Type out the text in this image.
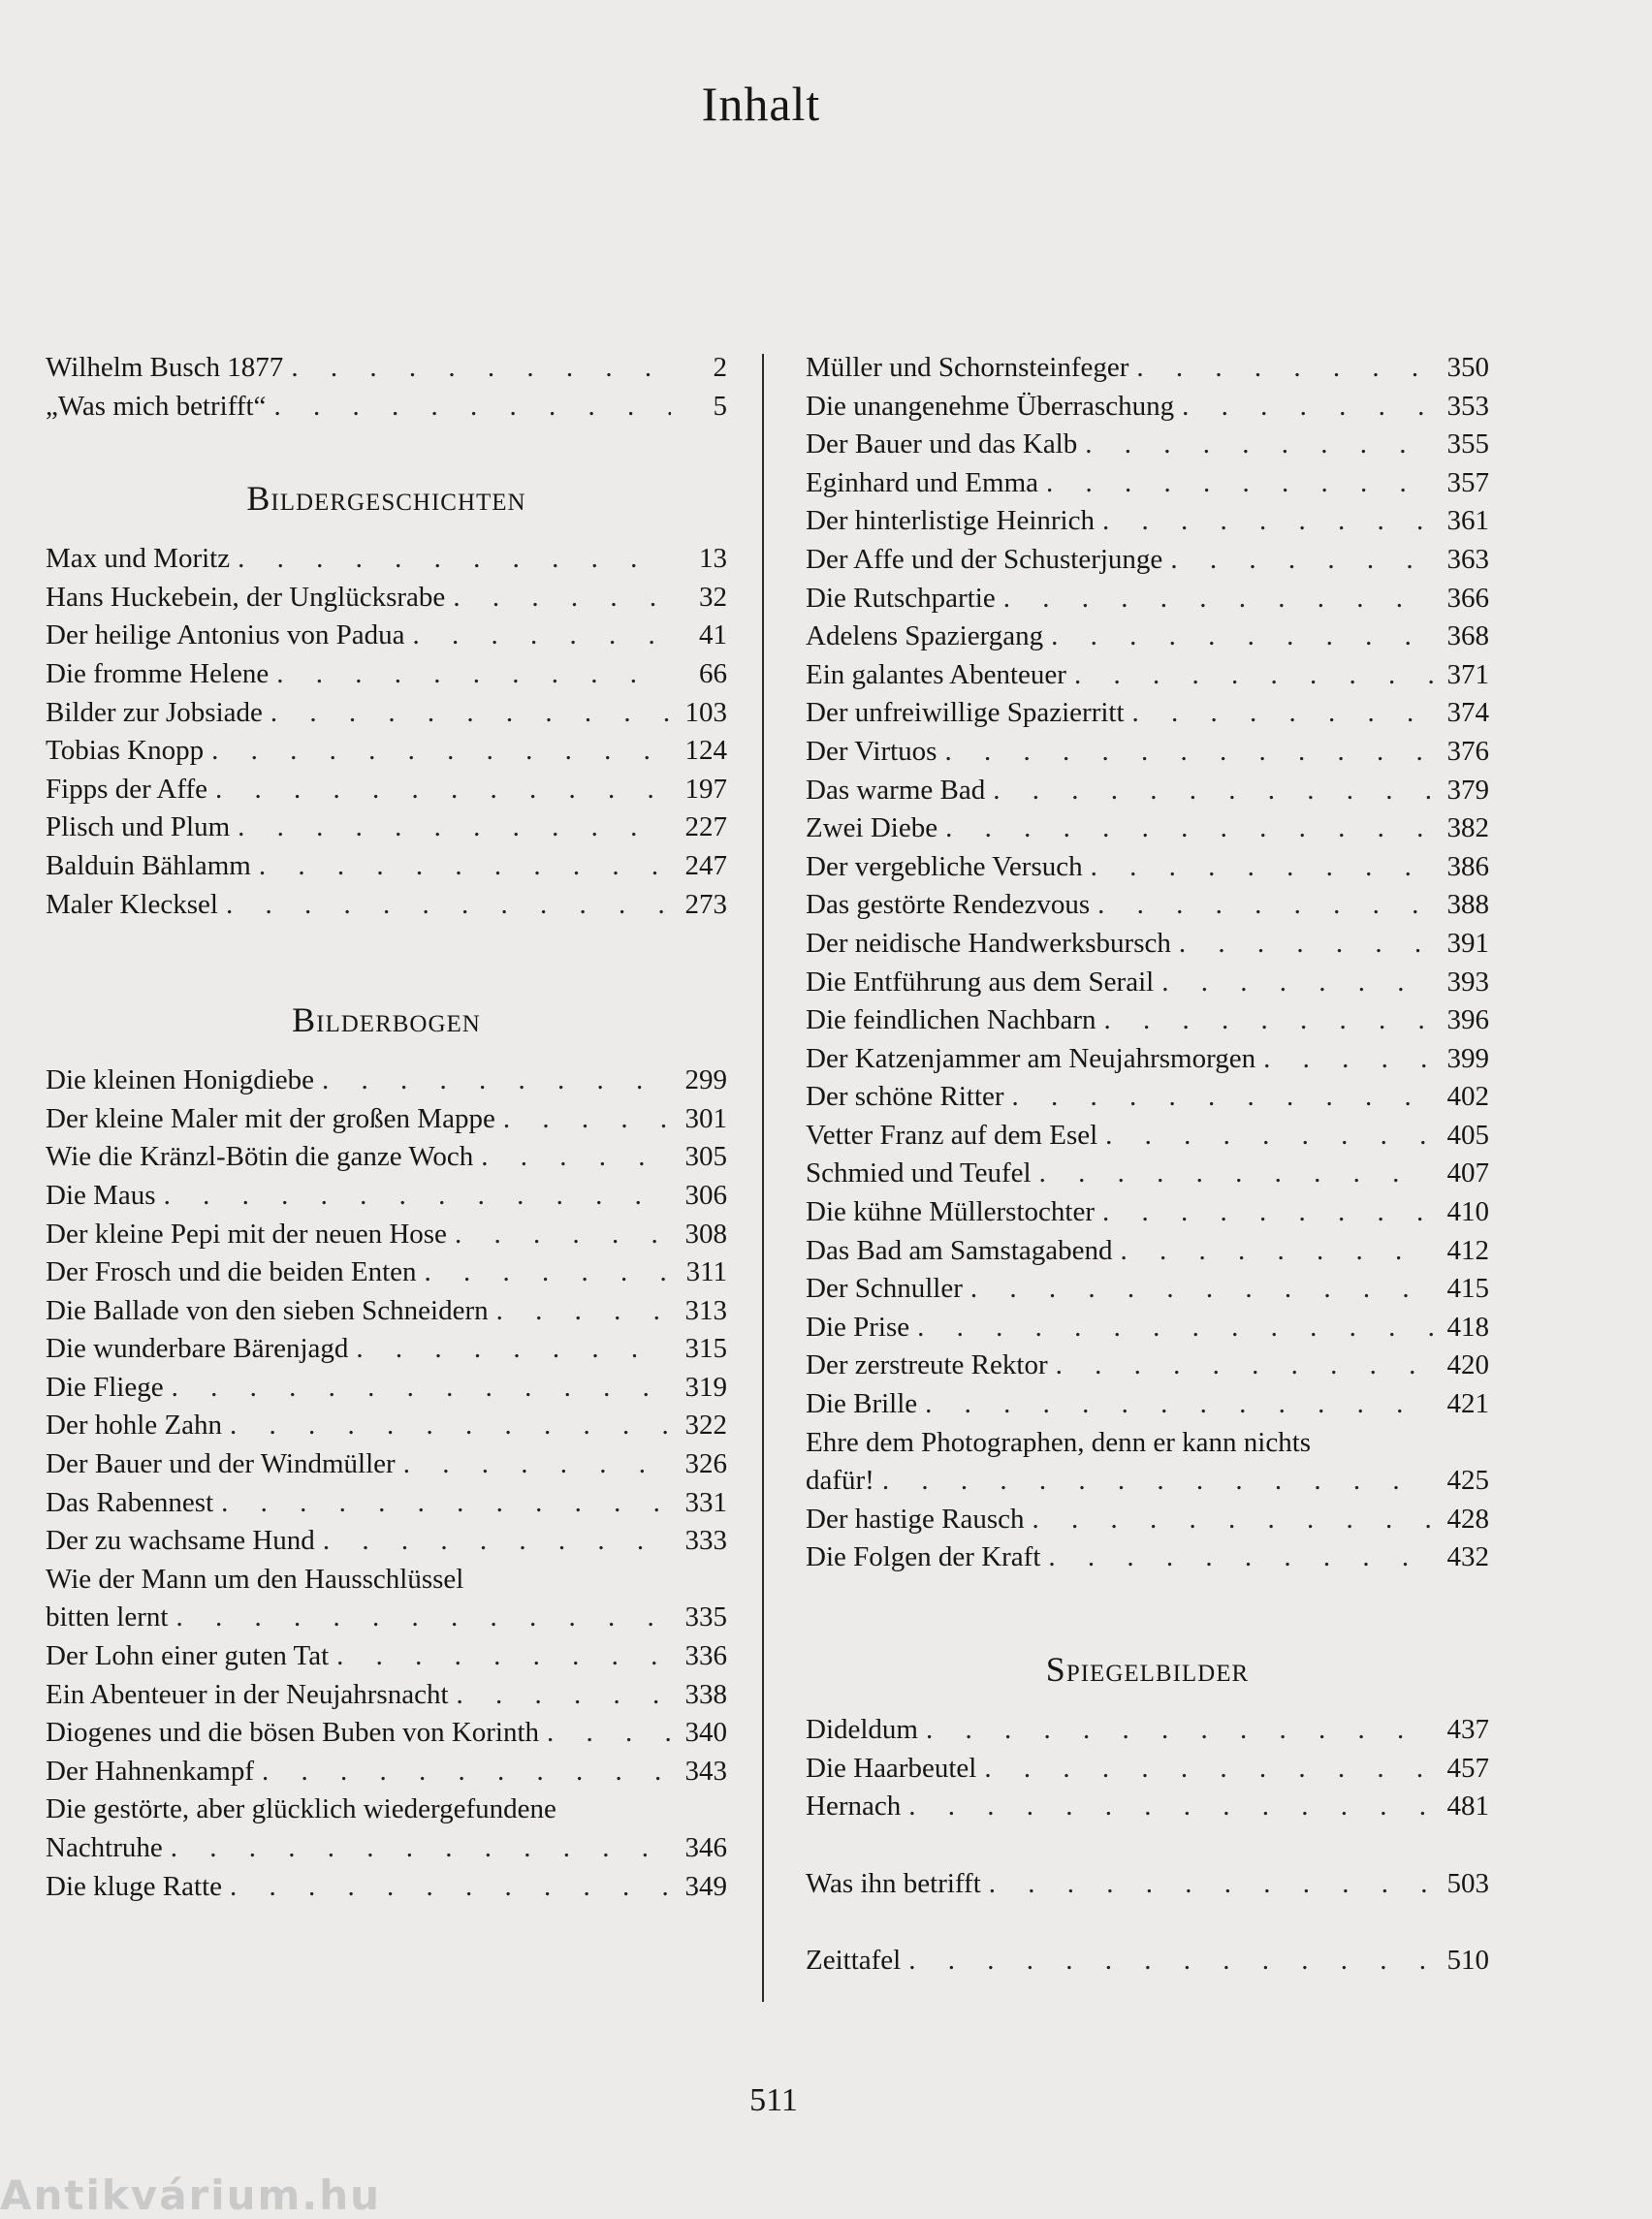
Inhalt
Wilhelm Busch 1877 . . .	2
„Was mich betrifft“ . . .	5
Bildergeschichten
Max und Moritz . . .	13
Hans Huckebein, der Unglücksrabe . . .	32
Der heilige Antonius von Padua . . .	41
Die fromme Helene . . .	66
Bilder zur Jobsiade . . .	103
Tobias Knopp . . .	124
Fipps der Affe . . .	197
Plisch und Plum . . .	227
Balduin Bählamm . . .	247
Maler Klecksel . . .	273
Bilderbogen
Die kleinen Honigdiebe . . .	299
Der kleine Maler mit der großen Mappe . . .	301
Wie die Kränzl-Bötin die ganze Woch . . .	305
Die Maus . . .	306
Der kleine Pepi mit der neuen Hose . . .	308
Der Frosch und die beiden Enten . . .	311
Die Ballade von den sieben Schneidern . . .	313
Die wunderbare Bärenjagd . . .	315
Die Fliege . . .	319
Der hohle Zahn . . .	322
Der Bauer und der Windmüller . . .	326
Das Rabennest . . .	331
Der zu wachsame Hund . . .	333
Wie der Mann um den Hausschlüssel
bitten lernt . . .	335
Der Lohn einer guten Tat . . .	336
Ein Abenteuer in der Neujahrsnacht . . .	338
Diogenes und die bösen Buben von Korinth . . .	340
Der Hahnenkampf . . .	343
Die gestörte, aber glücklich wiedergefundene
Nachtruhe . . .	346
Die kluge Ratte . . .	349
Müller und Schornsteinfeger . . .	350
Die unangenehme Überraschung . . .	353
Der Bauer und das Kalb . . .	355
Eginhard und Emma . . .	357
Der hinterlistige Heinrich . . .	361
Der Affe und der Schusterjunge . . .	363
Die Rutschpartie . . .	366
Adelens Spaziergang . . .	368
Ein galantes Abenteuer . . .	371
Der unfreiwillige Spazierritt . . .	374
Der Virtuos . . .	376
Das warme Bad . . .	379
Zwei Diebe . . .	382
Der vergebliche Versuch . . .	386
Das gestörte Rendezvous . . .	388
Der neidische Handwerksbursch . . .	391
Die Entführung aus dem Serail . . .	393
Die feindlichen Nachbarn . . .	396
Der Katzenjammer am Neujahrsmorgen . . .	399
Der schöne Ritter . . .	402
Vetter Franz auf dem Esel . . .	405
Schmied und Teufel . . .	407
Die kühne Müllerstochter . . .	410
Das Bad am Samstagabend . . .	412
Der Schnuller . . .	415
Die Prise . . .	418
Der zerstreute Rektor . . .	420
Die Brille . . .	421
Ehre dem Photographen, denn er kann nichts
dafür! . . .	425
Der hastige Rausch . . .	428
Die Folgen der Kraft . . .	432
Spiegelbilder
Dideldum . . .	437
Die Haarbeutel . . .	457
Hernach . . .	481
Was ihn betrifft . . .	503
Zeittafel . . .	510
511
Antikvárium.hu
